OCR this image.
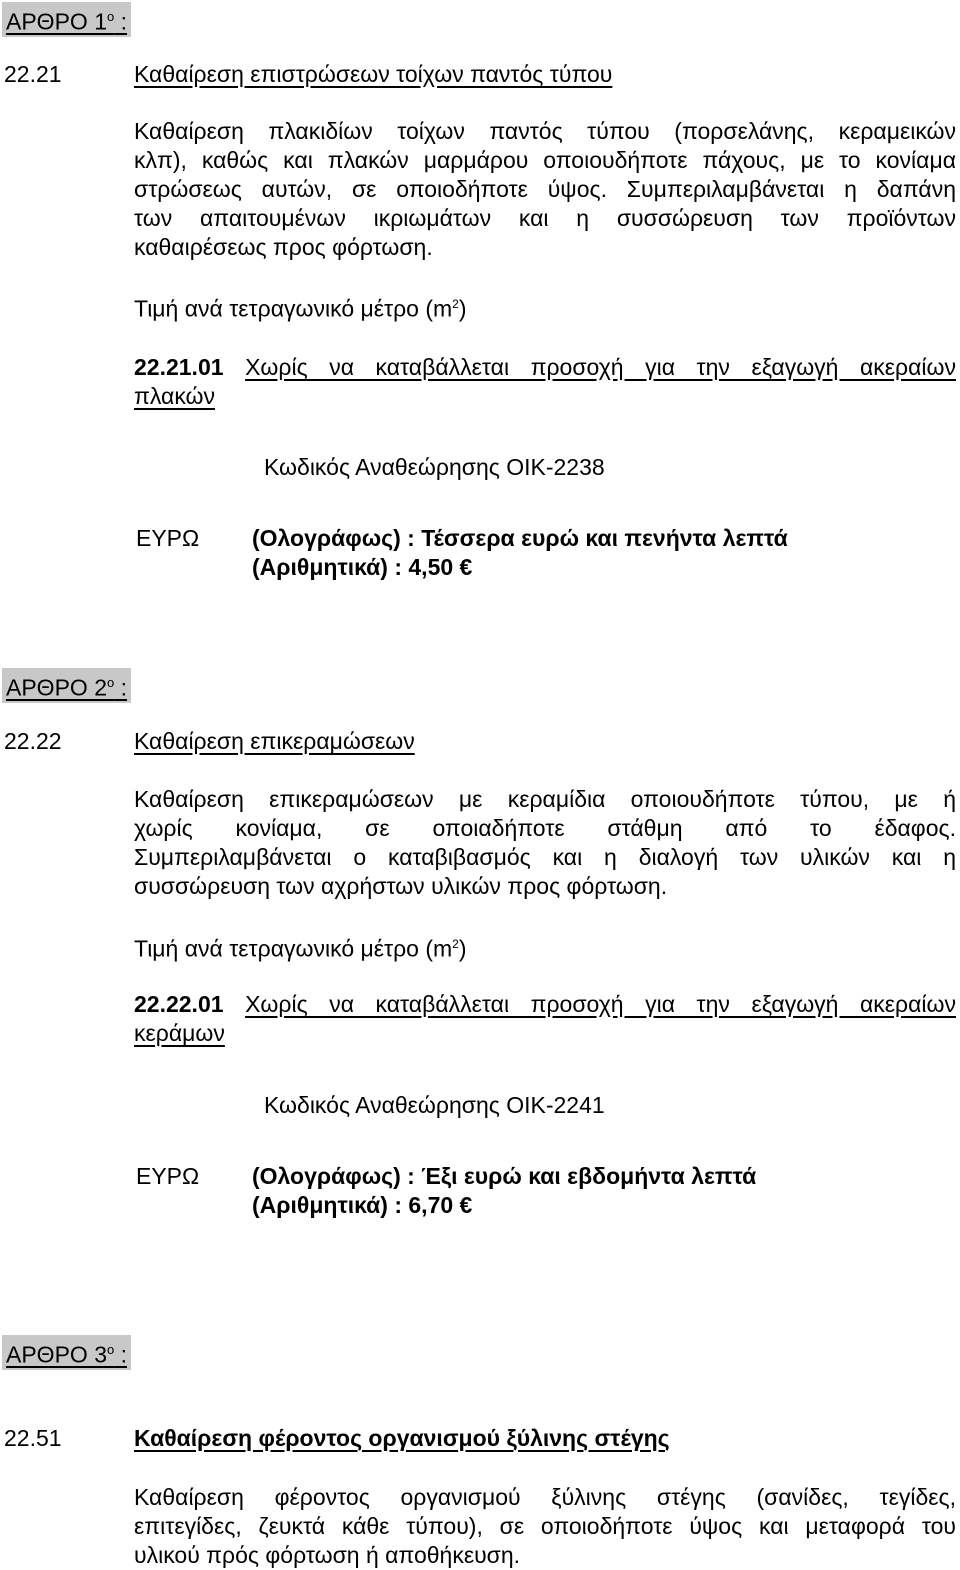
ΑΡΘΡΟ $1^o$ :
22.21	Καθαίρεση επιστρώσεων τοίχων παντός τύπου
Καθαίρεση πλακιδίων τοίχων παντός τύπου (πορσελάνης, κεραμεικών
κλπ), καθώς και πλακών μαρμάρου οποιουδήποτε πάχους, με το κονίαμα
στρώσεως αυτών, σε οποιοδήποτε ύψος. Συμπεριλαμβάνεται η δαπάνη
των απαιτουμένων ικριωμάτων και η συσσώρευση των προϊόντων
καθαιρέσεως προς φόρτωση.
Τιμή ανά τετραγωνικό μέτρο $(m^2)$
22.21.01 Χωρίς να καταβάλλεται προσοχή για την εξαγωγή ακεραίων
πλακών
Κωδικός Αναθεώρησης ΟΙΚ-2238
ΕΥΡΩ (Ολογράφως) : Τέσσερα ευρώ και πενήντα λεπτά
(Αριθμητικά) : 4,50 €
ΑΡΘΡΟ $2^o$ :
22.22	Καθαίρεση επικεραμώσεων
Καθαίρεση επικεραμώσεων με κεραμίδια οποιουδήποτε τύπου, με ή
χωρίς κονίαμα, σε οποιαδήποτε στάθμη από το έδαφος.
Συμπεριλαμβάνεται ο καταβιβασμός και η διαλογή των υλικών και η
συσσώρευση των αχρήστων υλικών προς φόρτωση.
Τιμή ανά τετραγωνικό μέτρο $(m^2)$
22.22.01 Χωρίς να καταβάλλεται προσοχή για την εξαγωγή ακεραίων
κεράμων
Κωδικός Αναθεώρησης ΟΙΚ-2241
ΕΥΡΩ (Ολογράφως) : Έξι ευρώ και εβδομήντα λεπτά
(Αριθμητικά) : 6,70 €
ΑΡΘΡΟ $3^o$ :
22.51	Καθαίρεση φέροντος οργανισμού ξύλινης στέγης
Καθαίρεση φέροντος οργανισμού ξύλινης στέγης (σανίδες, τεγίδες,
επιτεγίδες, ζευκτά κάθε τύπου), σε οποιοδήποτε ύψος και μεταφορά του
υλικού πρός φόρτωση ή αποθήκευση.
